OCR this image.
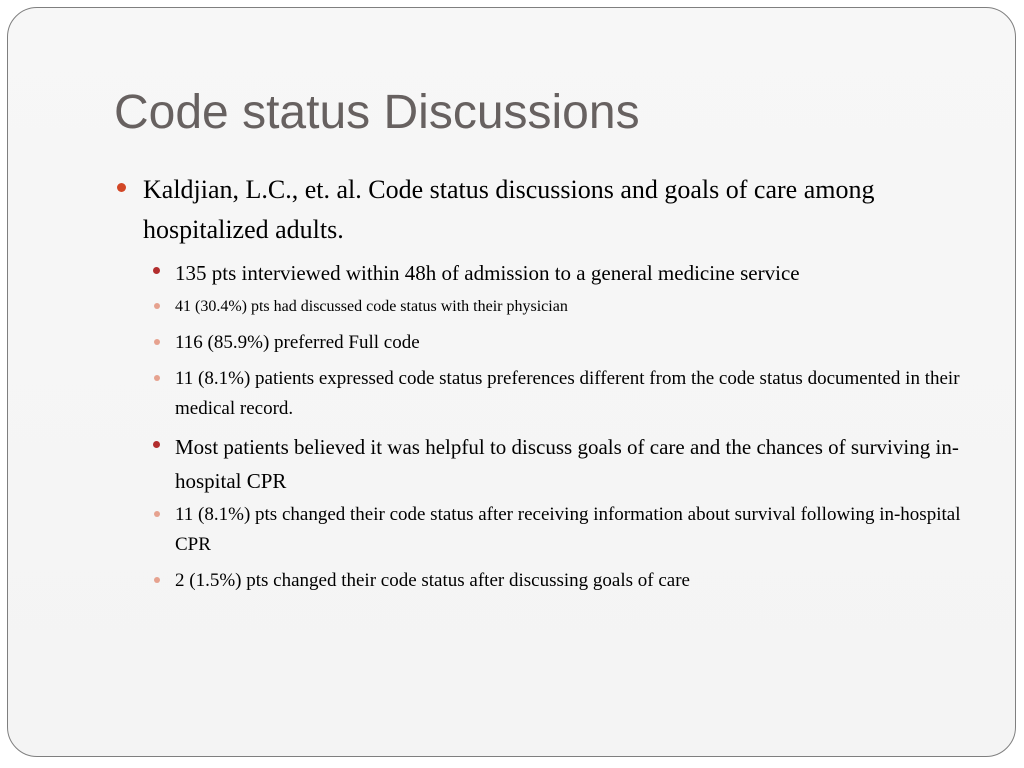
Code status Discussions
Kaldjian, L.C., et. al. Code status discussions and goals of care among hospitalized adults.
135 pts interviewed within 48h of admission to a general medicine service
41 (30.4%) pts had discussed code status with their physician
116 (85.9%) preferred Full code
11 (8.1%) patients expressed code status preferences different from the code status documented in their medical record.
Most patients believed it was helpful to discuss goals of care and the chances of surviving in-hospital CPR
11 (8.1%) pts changed their code status after receiving information about survival following in-hospital CPR
2 (1.5%) pts changed their code status after discussing goals of care
